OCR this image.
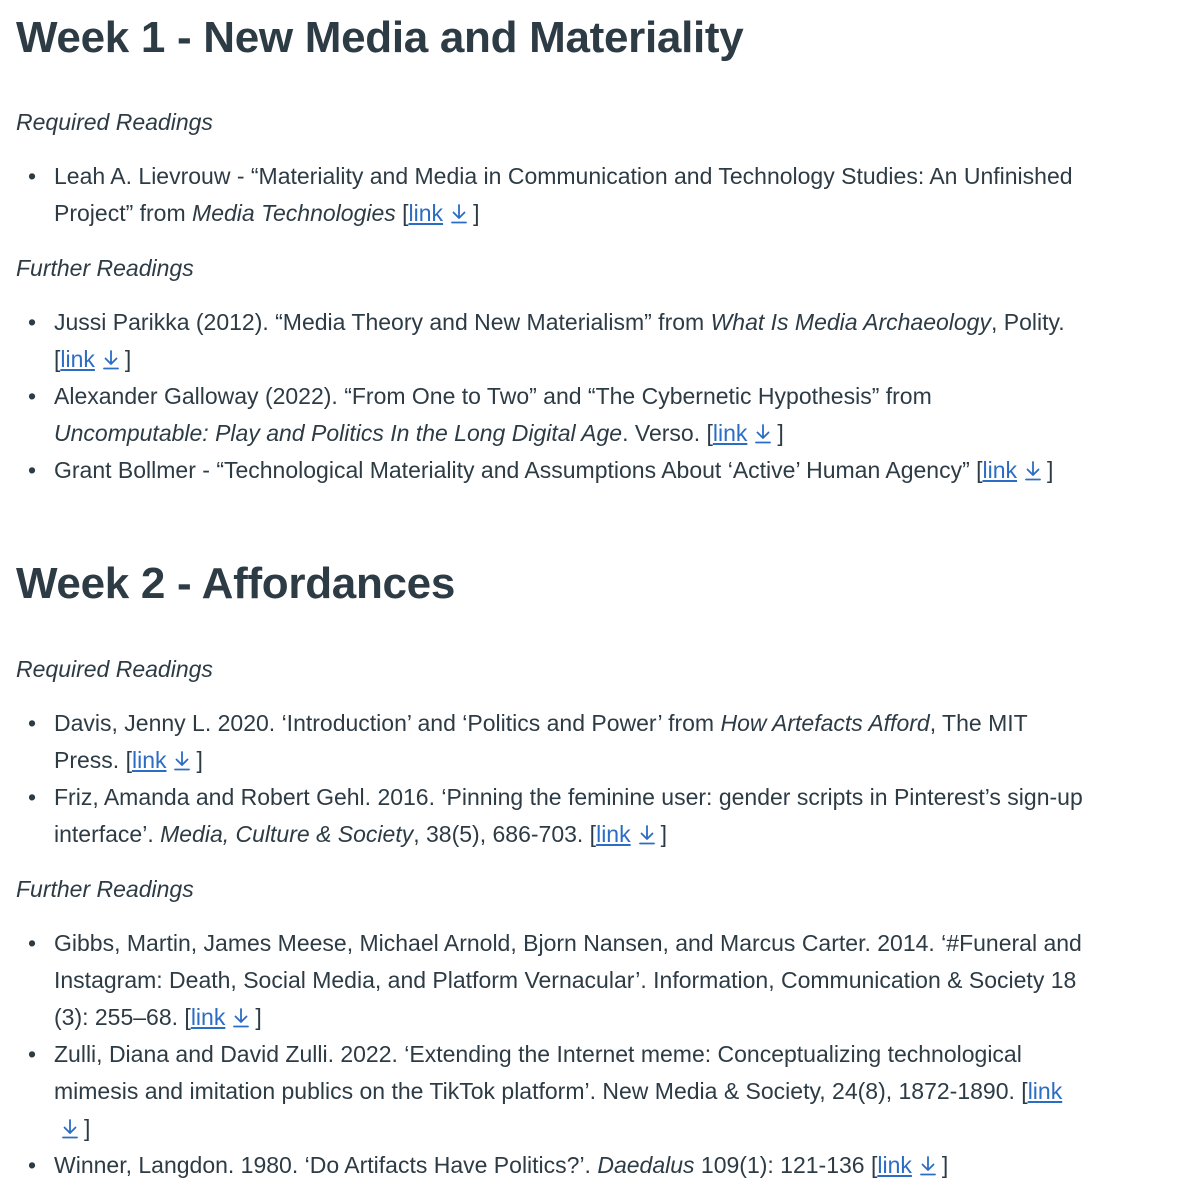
Week 1 - New Media and Materiality

Required Readings

• Leah A. Lievrouw - “Materiality and Media in Communication and Technology Studies: An Unfinished
Project” from Media Technologies [link ]

Further Readings

• Jussi Parikka (2012). “Media Theory and New Materialism” from What Is Media Archaeology, Polity.
[link ]
• Alexander Galloway (2022). “From One to Two” and “The Cybernetic Hypothesis” from
Uncomputable: Play and Politics In the Long Digital Age. Verso. [link ]
• Grant Bollmer - “Technological Materiality and Assumptions About ‘Active’ Human Agency” [link ]
Week 2 - Affordances

Required Readings

• Davis, Jenny L. 2020. ‘Introduction’ and ‘Politics and Power’ from How Artefacts Afford, The MIT
Press. [link ]
• Friz, Amanda and Robert Gehl. 2016. ‘Pinning the feminine user: gender scripts in Pinterest’s sign-up
interface’. Media, Culture & Society, 38(5), 686-703. [link ]

Further Readings

• Gibbs, Martin, James Meese, Michael Arnold, Bjorn Nansen, and Marcus Carter. 2014. ‘#Funeral and
Instagram: Death, Social Media, and Platform Vernacular’. Information, Communication & Society 18
(3): 255–68. [link ]
• Zulli, Diana and David Zulli. 2022. ‘Extending the Internet meme: Conceptualizing technological
mimesis and imitation publics on the TikTok platform’. New Media & Society, 24(8), 1872-1890. [link

]
• Winner, Langdon. 1980. ‘Do Artifacts Have Politics?’. Daedalus 109(1): 121-136 [link ]
